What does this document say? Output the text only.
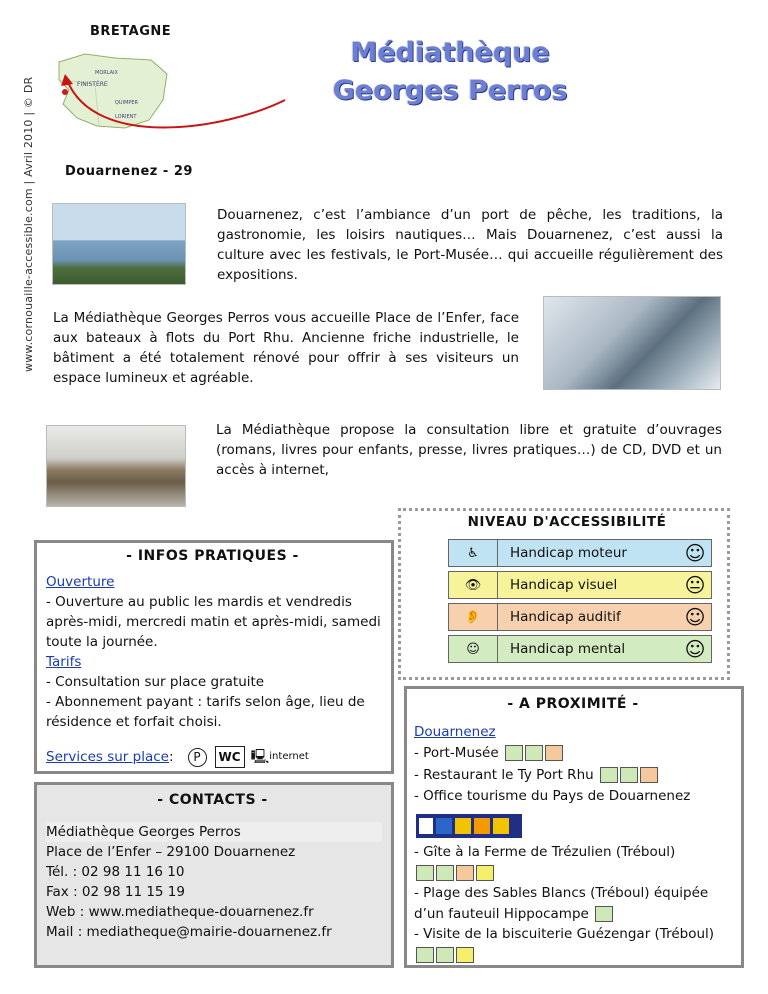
www.cornouaille-accessible.com | Avril 2010 | © DR
BRETAGNE
MORLAIX
FINISTÈRE
QUIMPER
LORIENT
Médiathèque
Georges Perros
Douarnenez - 29
Douarnenez, c’est l’ambiance d’un port de pêche, les traditions, la gastronomie, les loisirs nautiques… Mais Douarnenez, c’est aussi la culture avec les festivals, le Port-Musée… qui accueille régulièrement des expositions.
La Médiathèque Georges Perros vous accueille Place de l’Enfer, face aux bateaux à flots du Port Rhu. Ancienne friche industrielle, le bâtiment a été totalement rénové pour offrir à ses visiteurs un espace lumineux et agréable.
La Médiathèque propose la consultation libre et gratuite d’ouvrages (romans, livres pour enfants, presse, livres pratiques…) de CD, DVD et un accès à internet,
NIVEAU D'ACCESSIBILITÉ
♿	Handicap moteur	☺
👁	Handicap visuel	😐
👂	Handicap auditif	☺
☺	Handicap mental	☺
- INFOS PRATIQUES -
Ouverture
- Ouverture au public les mardis et vendredis après-midi, mercredi matin et après-midi, samedi toute la journée.
Tarifs
- Consultation sur place gratuite
- Abonnement payant : tarifs selon âge, lieu de résidence et forfait choisi.
Services sur place :	P	WC 🖳 internet
- CONTACTS -
Médiathèque Georges Perros
Place de l’Enfer – 29100 Douarnenez
Tél. : 02 98 11 16 10
Fax : 02 98 11 15 19
Web : www.mediatheque-douarnenez.fr
Mail : mediatheque@mairie-douarnenez.fr
- A PROXIMITÉ -
Douarnenez
- Port-Musée
- Restaurant le Ty Port Rhu
- Office tourisme du Pays de Douarnenez
- Gîte à la Ferme de Trézulien (Tréboul)
- Plage des Sables Blancs (Tréboul) équipée d’un fauteuil Hippocampe
- Visite de la biscuiterie Guézengar (Tréboul)
